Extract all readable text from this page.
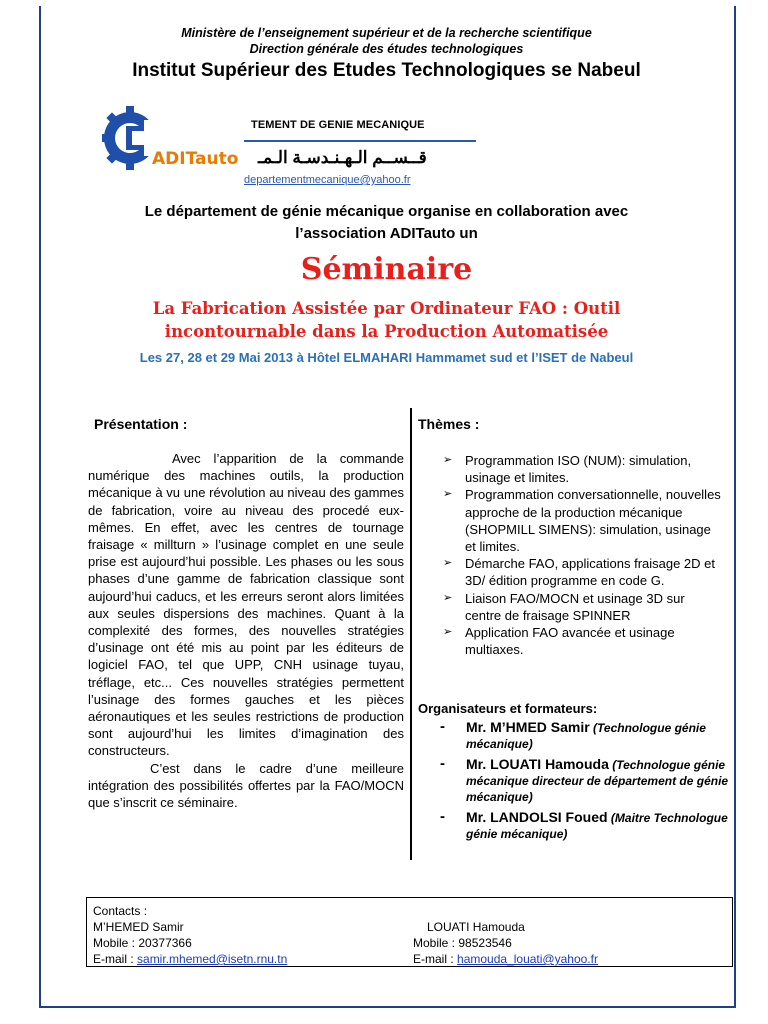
Ministère de l’enseignement supérieur et de la recherche scientifique
Direction générale des études technologiques
Institut Supérieur des Etudes Technologiques se Nabeul
ADITauto
TEMENT DE GENIE MECANIQUE
قــســم الـهـنـدسـة الـمـ
departementmecanique@yahoo.fr
Le département de génie mécanique organise en collaboration avec
l’association ADITauto un
Séminaire
La Fabrication Assistée par Ordinateur FAO : Outil
incontournable dans la Production Automatisée
Les 27, 28 et 29 Mai 2013 à Hôtel ELMAHARI Hammamet sud et l’ISET de Nabeul
Présentation :

Avec l’apparition de la commande numérique des machines outils, la production mécanique à vu une révolution au niveau des gammes de fabrication, voire au niveau des procedé eux-mêmes. En effet, avec les centres de tournage fraisage « millturn » l’usinage complet en une seule prise est aujourd’hui possible. Les phases ou les sous phases d’une gamme de fabrication classique sont aujourd’hui caducs, et les erreurs seront alors limitées aux seules dispersions des machines. Quant à la complexité des formes, des nouvelles stratégies d’usinage ont été mis au point par les éditeurs de logiciel FAO, tel que UPP, CNH usinage tuyau, tréflage, etc... Ces nouvelles stratégies permettent l’usinage des formes gauches et les pièces aéronautiques et les seules restrictions de production sont aujourd’hui les limites d’imagination des constructeurs.

C’est dans le cadre d’une meilleure intégration des possibilités offertes par la FAO/MOCN que s’inscrit ce séminaire.

Thèmes :
➢ Programmation ISO (NUM): simulation, usinage et limites.
➢ Programmation conversationnelle, nouvelles approche de la production mécanique (SHOPMILL SIMENS): simulation, usinage et limites.
➢ Démarche FAO, applications fraisage 2D et 3D/ édition programme en code G.
➢ Liaison FAO/MOCN et usinage 3D sur centre de fraisage SPINNER
➢ Application FAO avancée et usinage multiaxes.
Organisateurs et formateurs:
- Mr. M’HMED Samir (Technologue génie mécanique)
- Mr. LOUATI Hamouda (Technologue génie mécanique directeur de département de génie mécanique)
- Mr. LANDOLSI Foued (Maitre Technologue génie mécanique)
Contacts :
M’HEMED Samir
Mobile : 20377366
E-mail : samir.mhemed@isetn.rnu.tn
LOUATI Hamouda
Mobile : 98523546
E-mail : hamouda_louati@yahoo.fr
